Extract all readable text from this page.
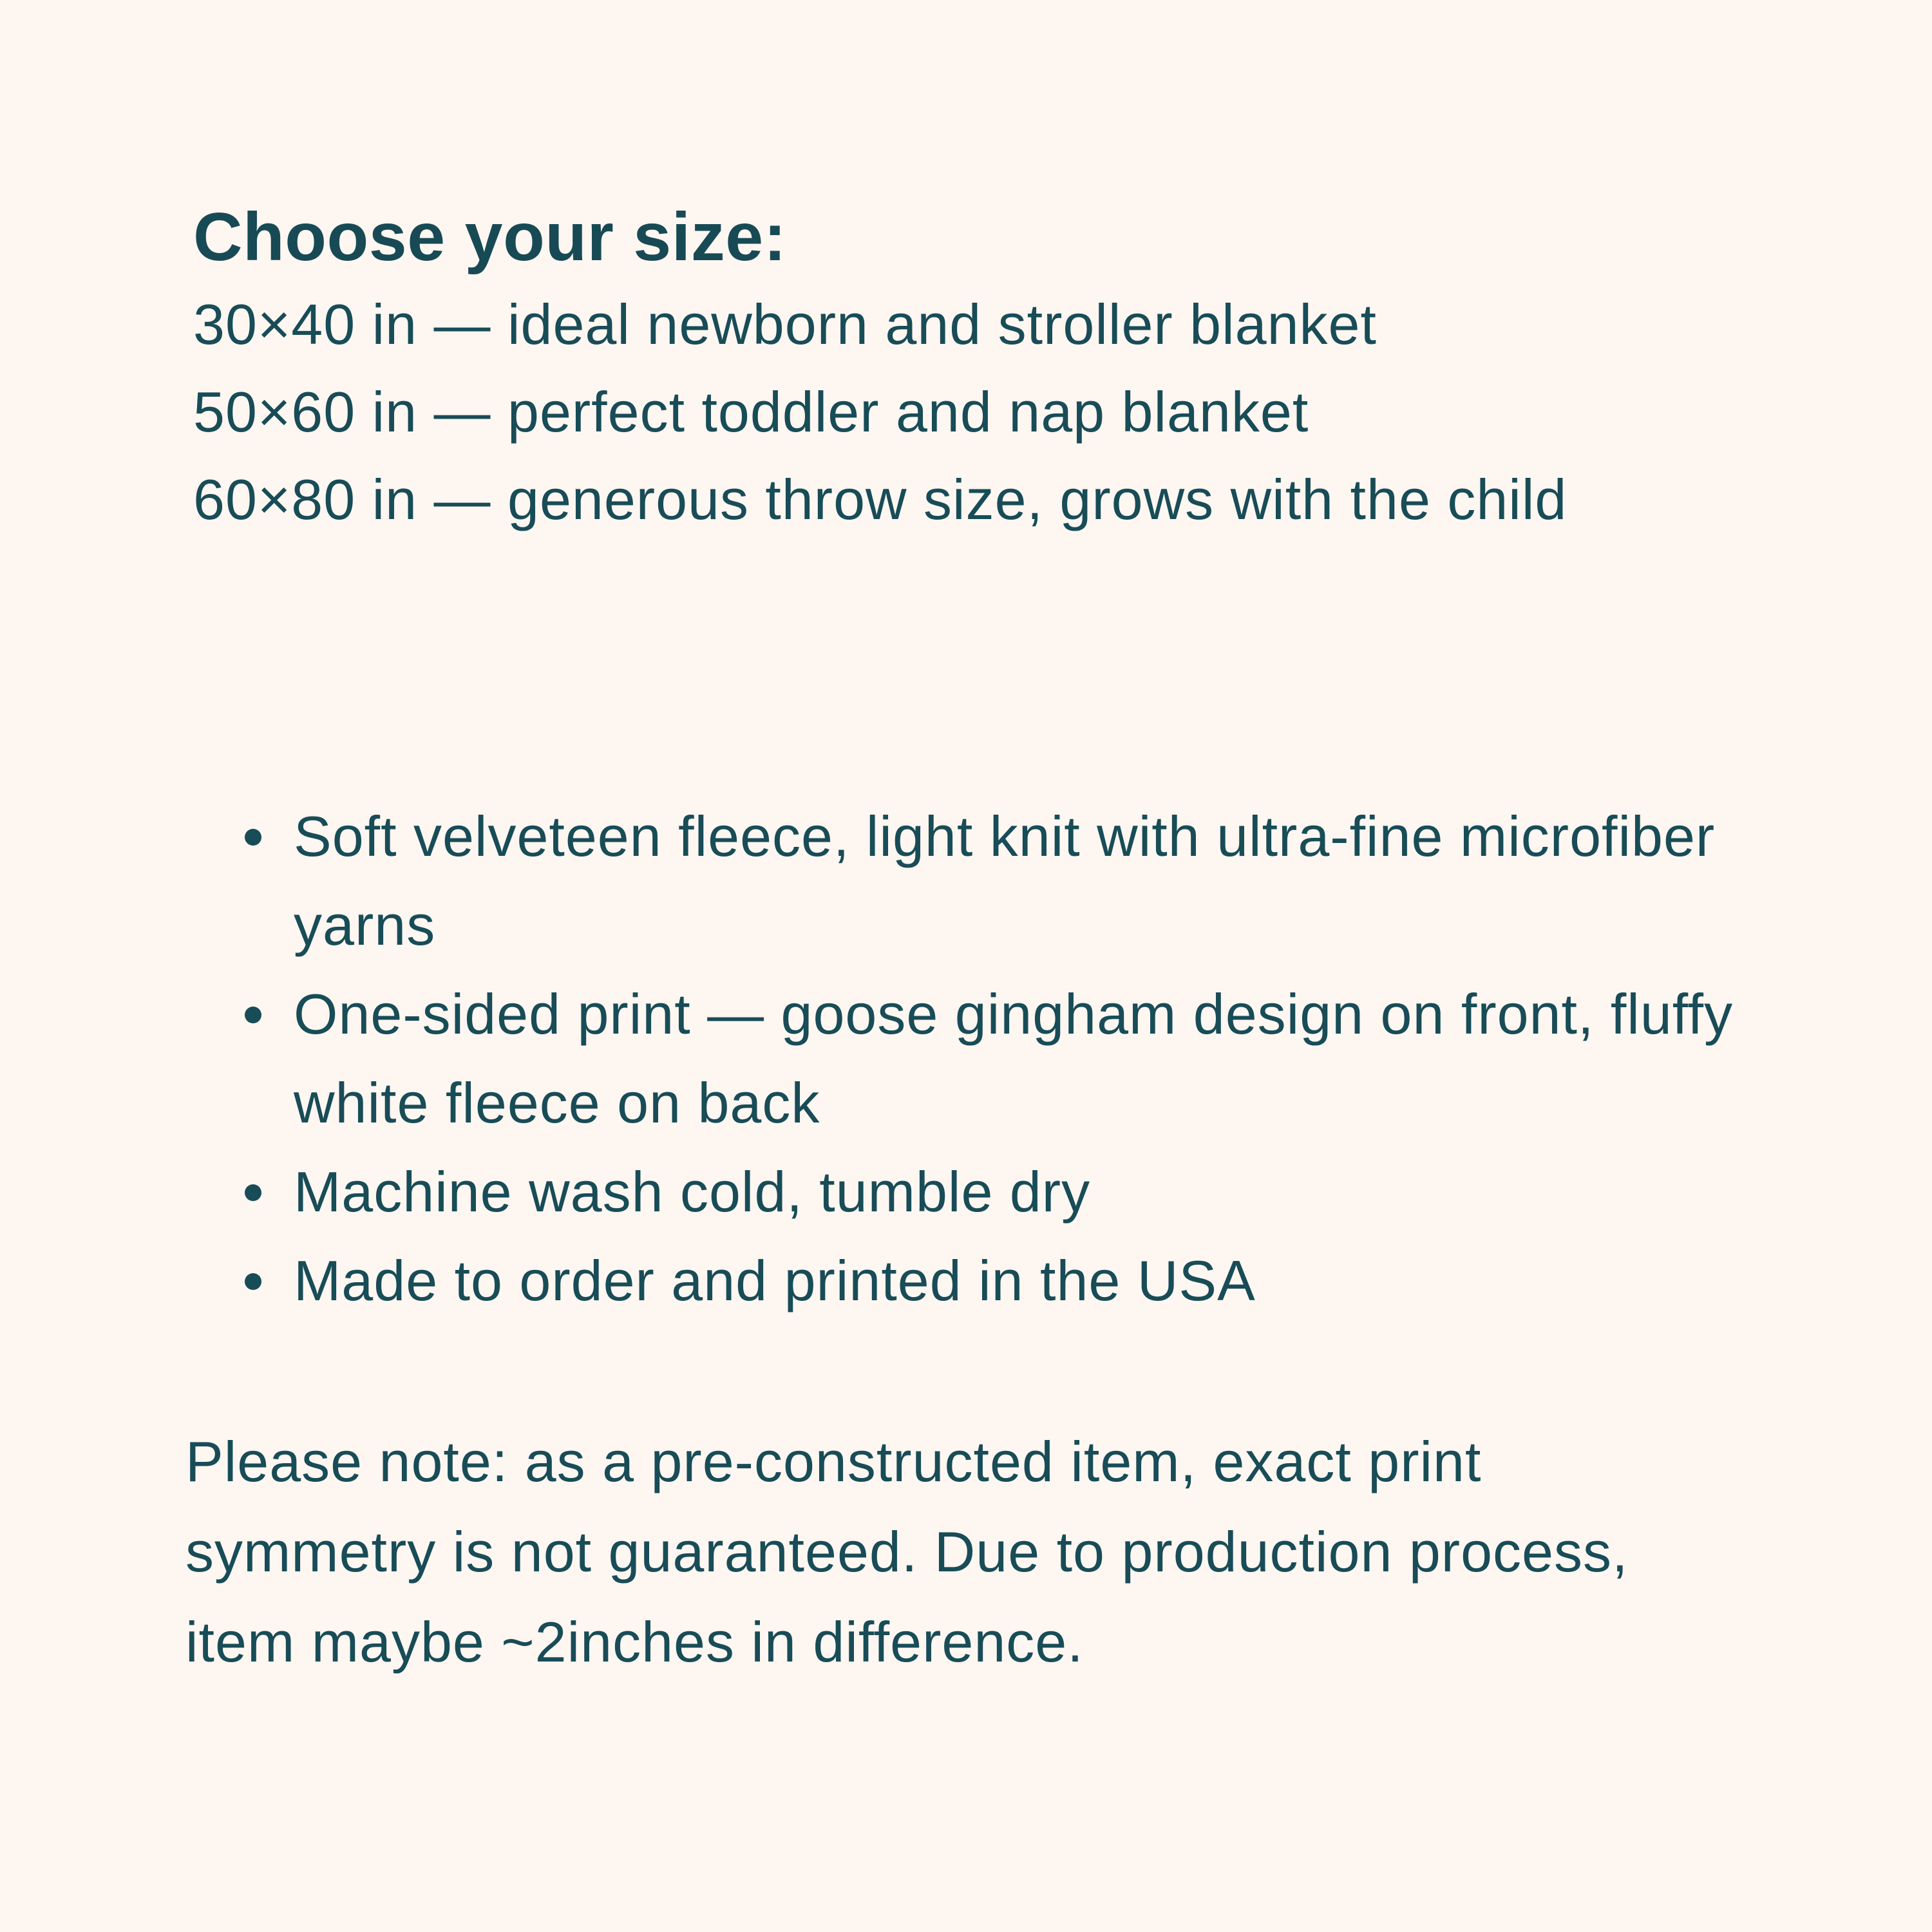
Choose your size:

30×40 in — ideal newborn and stroller blanket

50×60 in — perfect toddler and nap blanket

60×80 in — generous throw size, grows with the child

Soft velveteen fleece, light knit with ultra-fine microfiber yarns
One-sided print — goose gingham design on front, fluffy white fleece on back
Machine wash cold, tumble dry
Made to order and printed in the USA

Please note: as a pre-constructed item, exact print symmetry is not guaranteed. Due to production process, item maybe ~2inches in difference.
